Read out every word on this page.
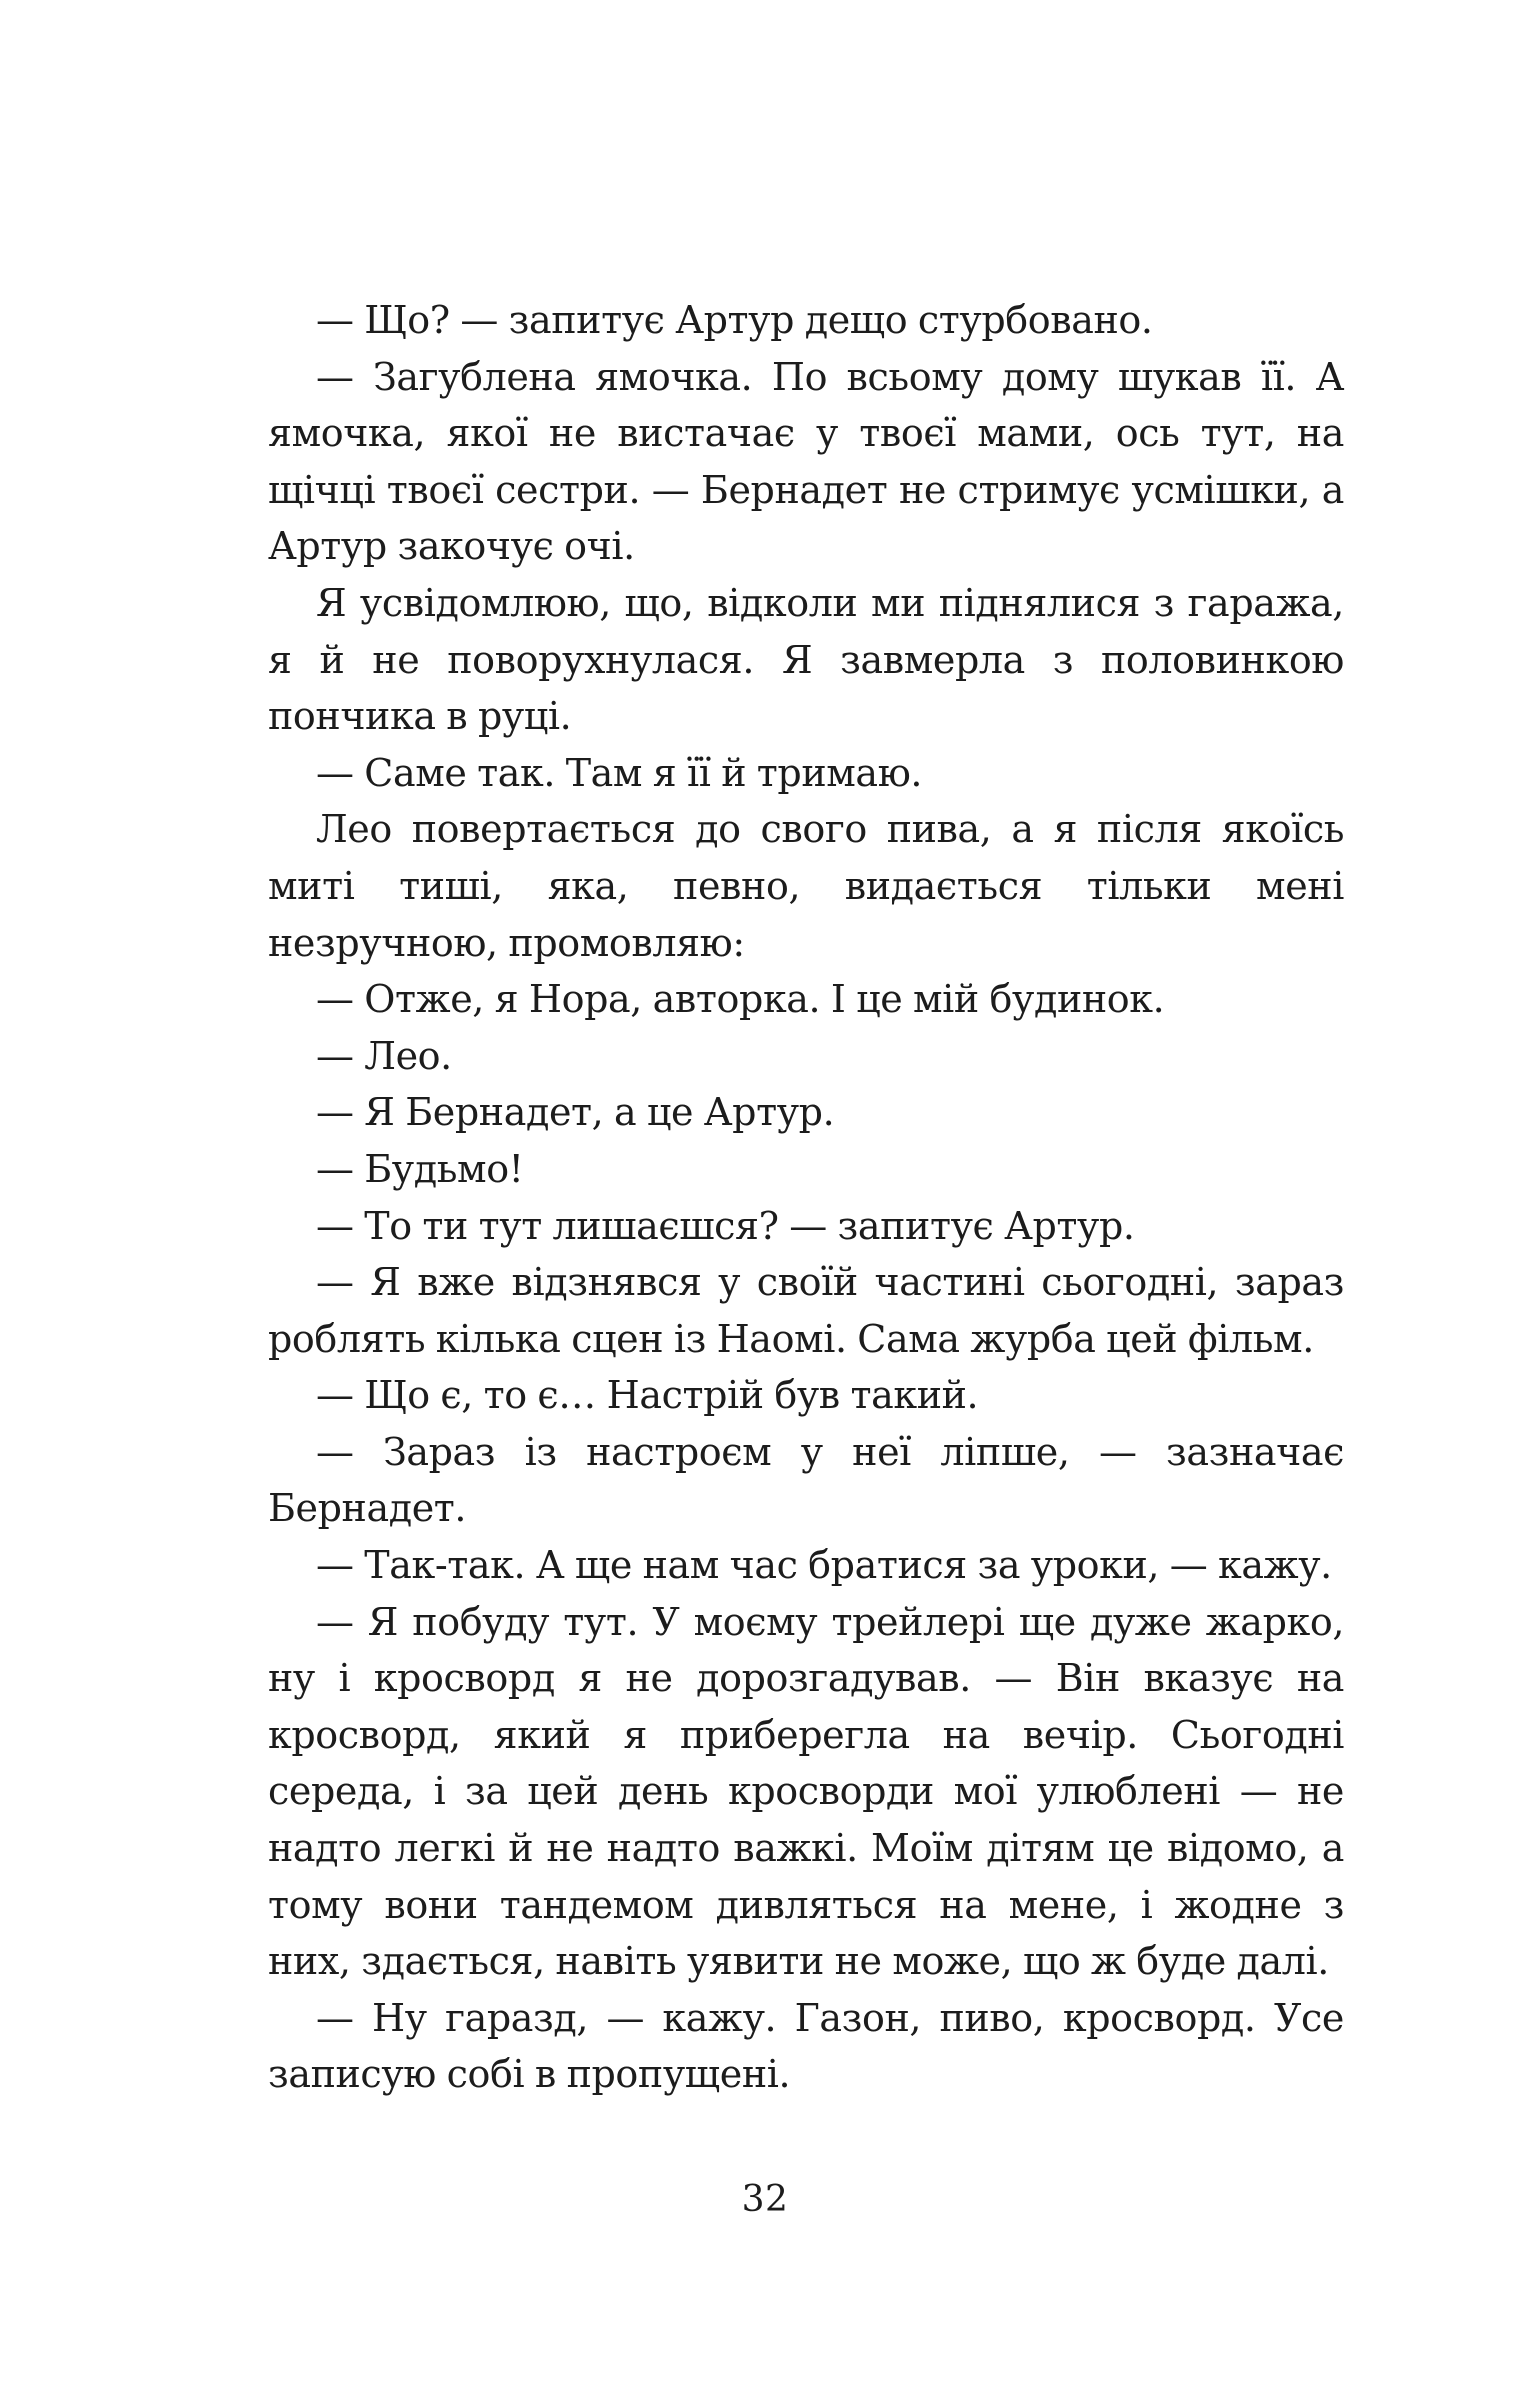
— Що? — запитує Артур дещо стурбовано.

— Загублена ямочка. По всьому дому шукав її. А ямочка, якої не вистачає у твоєї мами, ось тут, на щічці твоєї сестри. — Бернадет не стримує усмішки, а Артур закочує очі.

Я усвідомлюю, що, відколи ми піднялися з гаража, я й не поворухнулася. Я завмерла з половинкою пончика в руці.

— Саме так. Там я її й тримаю.

Лео повертається до свого пива, а я після якоїсь миті тиші, яка, певно, видається тільки мені незручною, промовляю:

— Отже, я Нора, авторка. І це мій будинок.

— Лео.

— Я Бернадет, а це Артур.

— Будьмо!

— То ти тут лишаєшся? — запитує Артур.

— Я вже відзнявся у своїй частині сьогодні, зараз роблять кілька сцен із Наомі. Сама журба цей фільм.

— Що є, то є… Настрій був такий.

— Зараз із настроєм у неї ліпше, — зазначає Бернадет.

— Так-так. А ще нам час братися за уроки, — кажу.

— Я побуду тут. У моєму трейлері ще дуже жарко, ну і кросворд я не дорозгадував. — Він вказує на кросворд, який я приберегла на вечір. Сьогодні середа, і за цей день кросворди мої улюблені — не надто легкі й не надто важкі. Моїм дітям це відомо, а тому вони тандемом дивляться на мене, і жодне з них, здається, навіть уявити не може, що ж буде далі.

— Ну гаразд, — кажу. Газон, пиво, кросворд. Усе записую собі в пропущені.

32
